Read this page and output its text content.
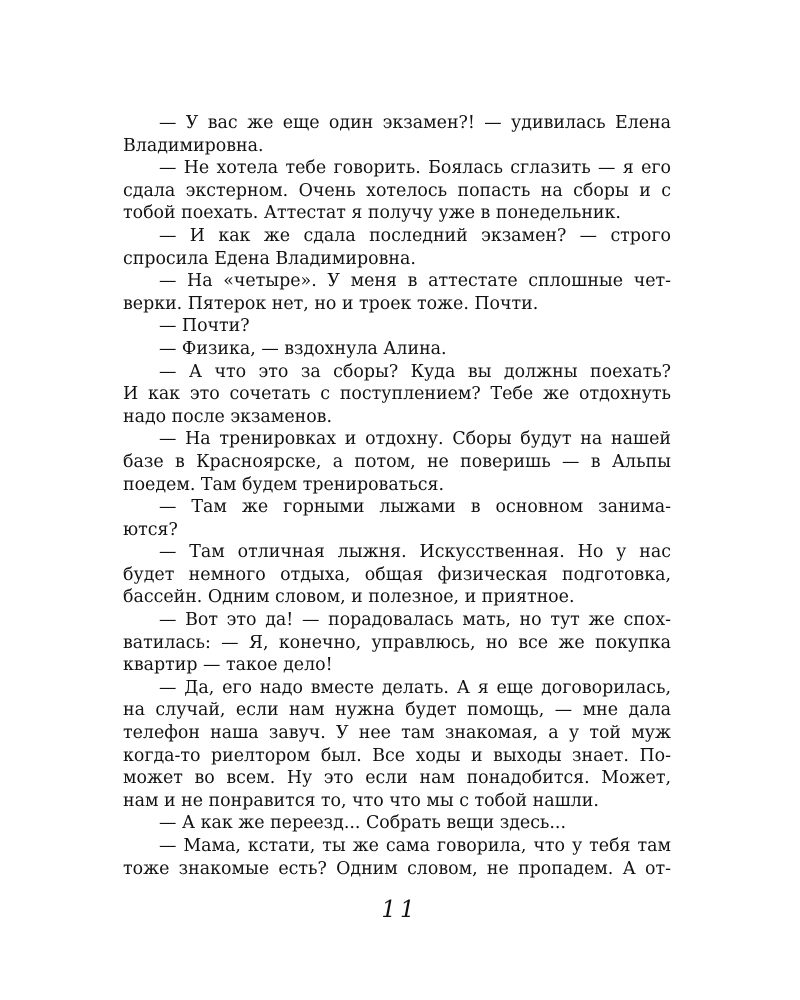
— У вас же еще один экзамен?! — удивилась Елена
Владимировна.
— Не хотела тебе говорить. Боялась сглазить — я его
сдала экстерном. Очень хотелось попасть на сборы и с
тобой поехать. Аттестат я получу уже в понедельник.
— И как же сдала последний экзамен? — строго
спросила Едена Владимировна.
— На «четыре». У меня в аттестате сплошные чет-
верки. Пятерок нет, но и троек тоже. Почти.
— Почти?
— Физика, — вздохнула Алина.
— А что это за сборы? Куда вы должны поехать?
И как это сочетать с поступлением? Тебе же отдохнуть
надо после экзаменов.
— На тренировках и отдохну. Сборы будут на нашей
базе в Красноярске, а потом, не поверишь — в Альпы
поедем. Там будем тренироваться.
— Там же горными лыжами в основном занима-
ются?
— Там отличная лыжня. Искусственная. Но у нас
будет немного отдыха, общая физическая подготовка,
бассейн. Одним словом, и полезное, и приятное.
— Вот это да! — порадовалась мать, но тут же спох-
ватилась: — Я, конечно, управлюсь, но все же покупка
квартир — такое дело!
— Да, его надо вместе делать. А я еще договорилась,
на случай, если нам нужна будет помощь, — мне дала
телефон наша завуч. У нее там знакомая, а у той муж
когда-то риелтором был. Все ходы и выходы знает. По-
может во всем. Ну это если нам понадобится. Может,
нам и не понравится то, что что мы с тобой нашли.
— А как же переезд... Собрать вещи здесь...
— Мама, кстати, ты же сама говорила, что у тебя там
тоже знакомые есть? Одним словом, не пропадем. А от-
11
